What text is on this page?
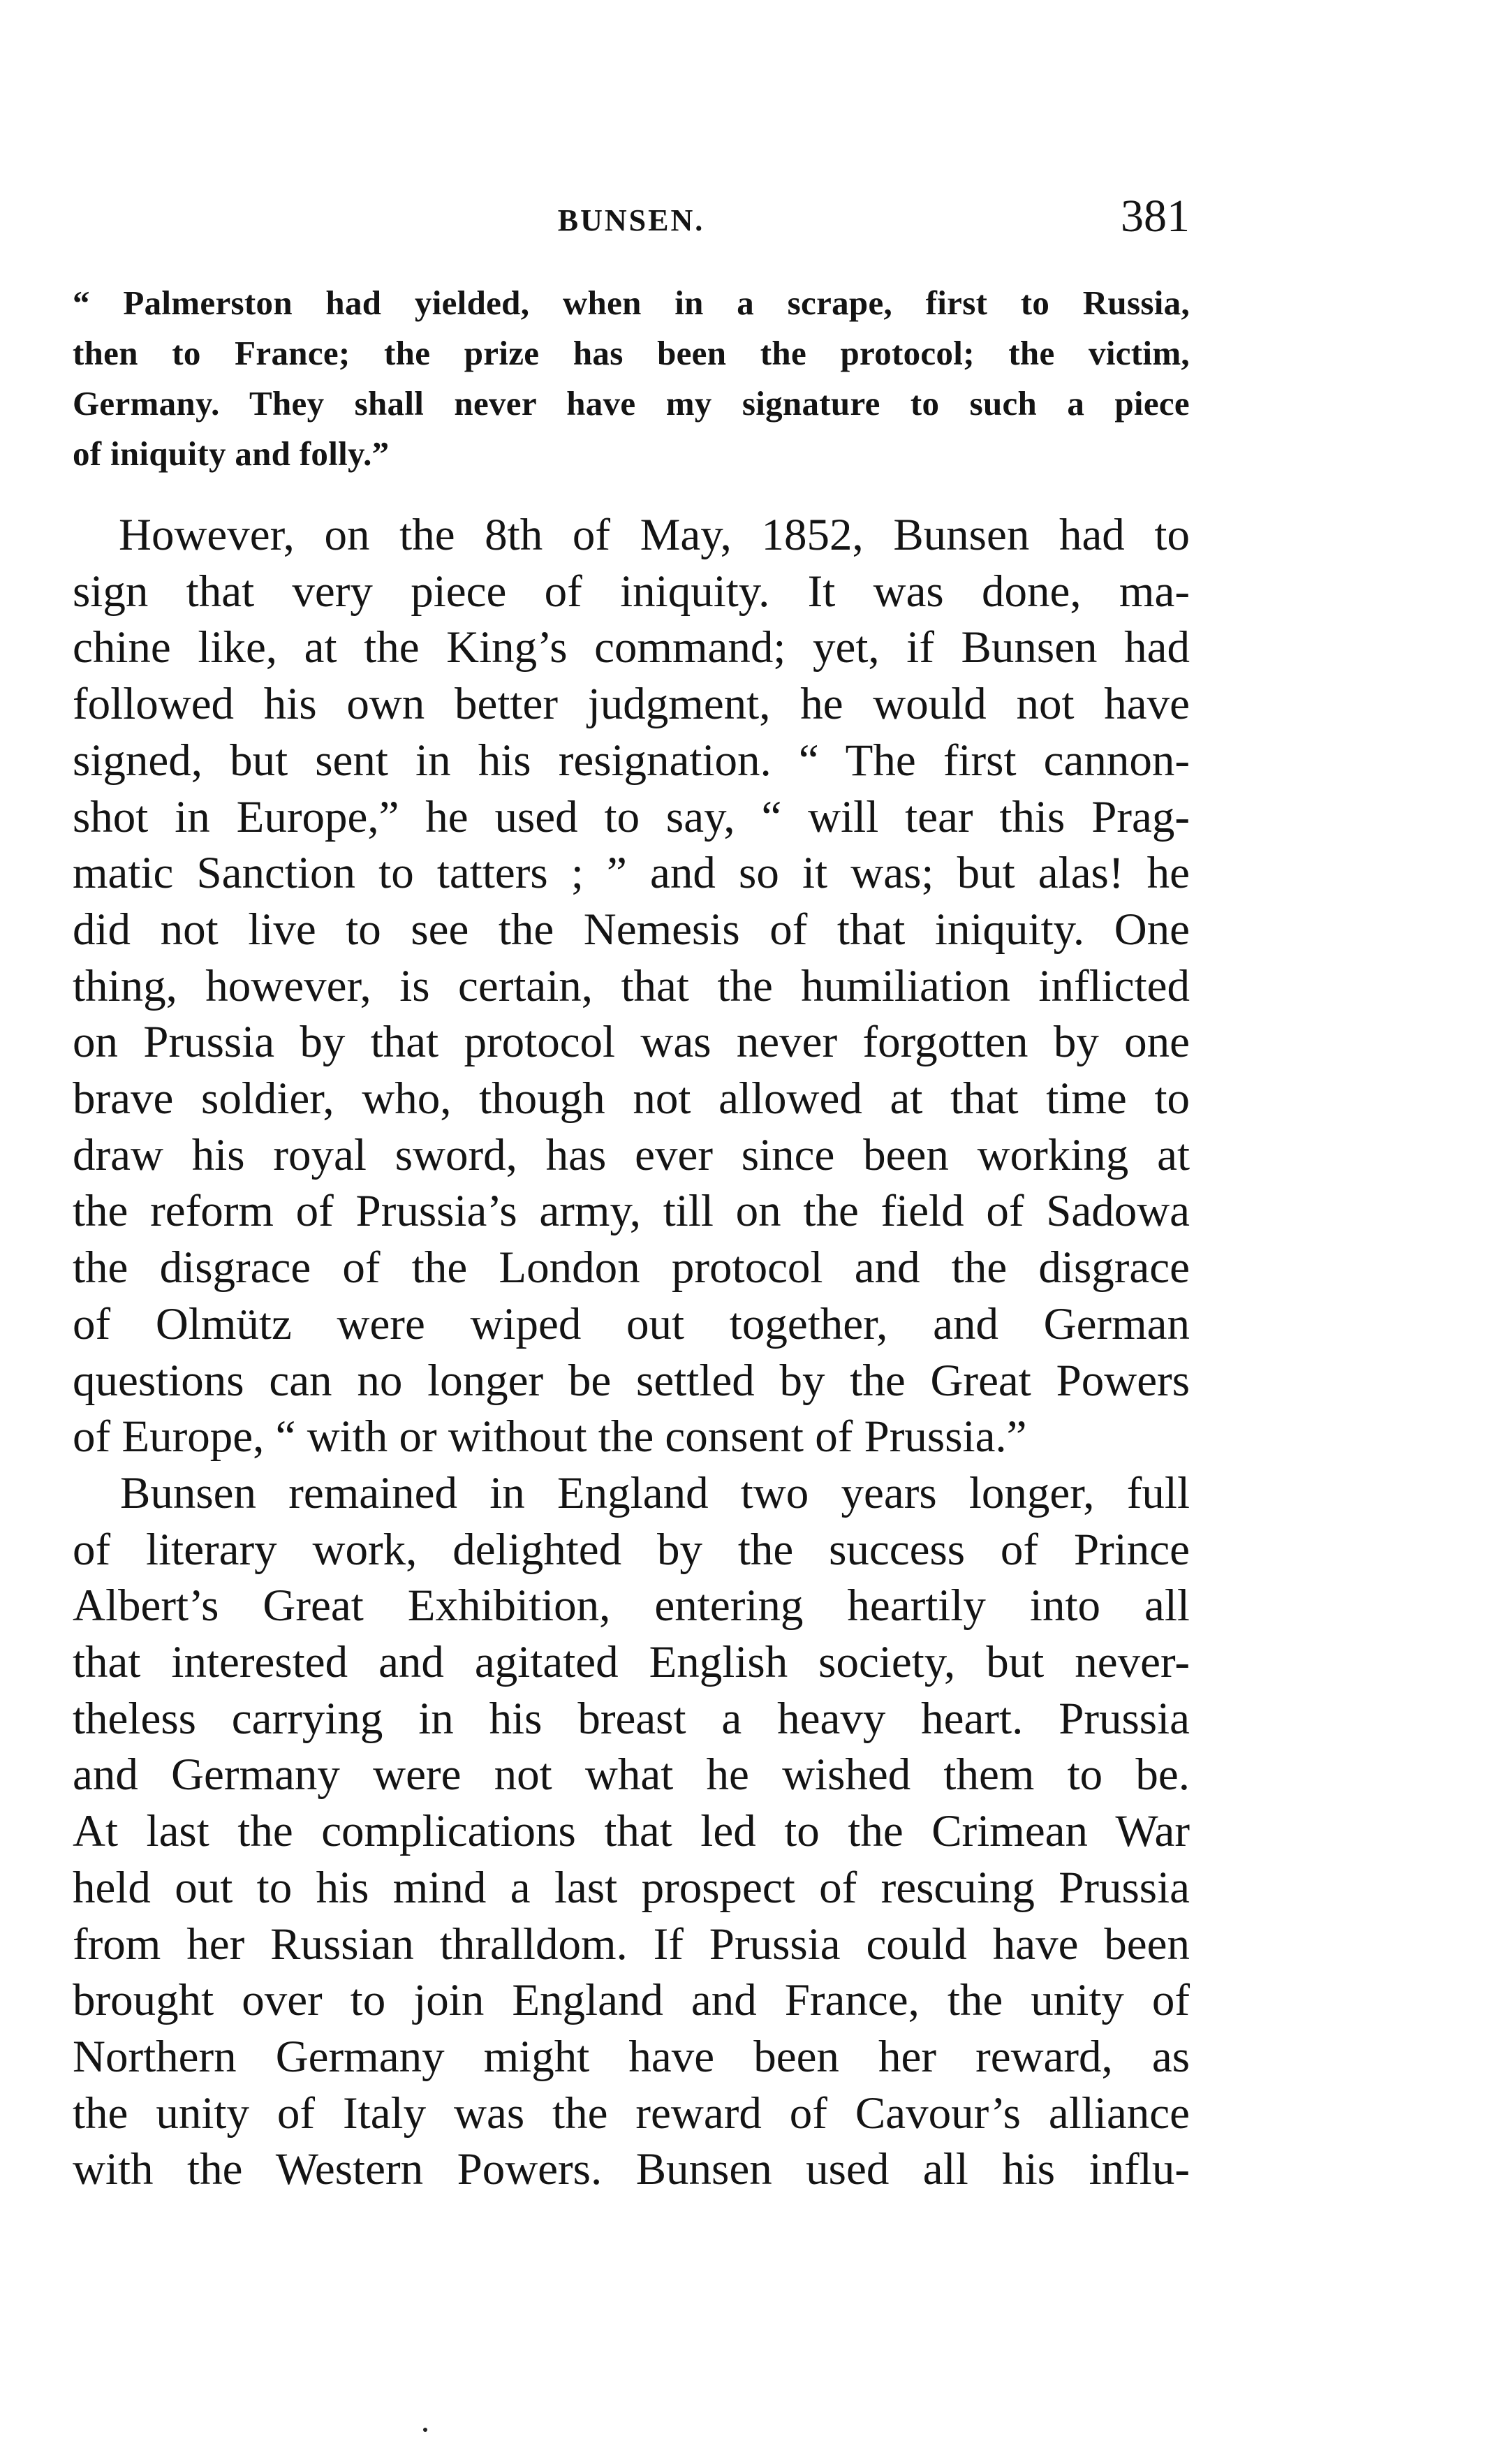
BUNSEN.	381
“ Palmerston had yielded, when in a scrape, first to Russia,
then to France; the prize has been the protocol; the victim,
Germany. They shall never have my signature to such a piece
of iniquity and folly.”
However, on the 8th of May, 1852, Bunsen had to
sign that very piece of iniquity. It was done, ma-
chine like, at the King’s command; yet, if Bunsen had
followed his own better judgment, he would not have
signed, but sent in his resignation. “ The first cannon-
shot in Europe,” he used to say, “ will tear this Prag-
matic Sanction to tatters ; ” and so it was; but alas! he
did not live to see the Nemesis of that iniquity. One
thing, however, is certain, that the humiliation inflicted
on Prussia by that protocol was never forgotten by one
brave soldier, who, though not allowed at that time to
draw his royal sword, has ever since been working at
the reform of Prussia’s army, till on the field of Sadowa
the disgrace of the London protocol and the disgrace
of Olmütz were wiped out together, and German
questions can no longer be settled by the Great Powers
of Europe, “ with or without the consent of Prussia.”
Bunsen remained in England two years longer, full
of literary work, delighted by the success of Prince
Albert’s Great Exhibition, entering heartily into all
that interested and agitated English society, but never-
theless carrying in his breast a heavy heart. Prussia
and Germany were not what he wished them to be.
At last the complications that led to the Crimean War
held out to his mind a last prospect of rescuing Prussia
from her Russian thralldom. If Prussia could have been
brought over to join England and France, the unity of
Northern Germany might have been her reward, as
the unity of Italy was the reward of Cavour’s alliance
with the Western Powers. Bunsen used all his influ-
